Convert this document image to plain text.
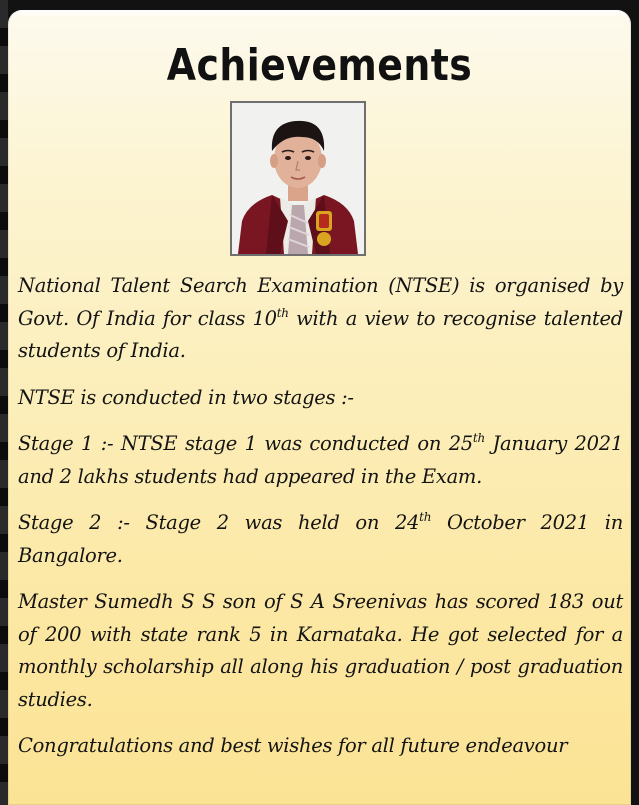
Achievements

National Talent Search Examination (NTSE) is organised by Govt. Of India for class 10th with a view to recognise talented students of India.

NTSE is conducted in two stages :-

Stage 1 :- NTSE stage 1 was conducted on 25th January 2021 and 2 lakhs students had appeared in the Exam.

Stage 2 :- Stage 2 was held on 24th October 2021 in Bangalore.

Master Sumedh S S son of S A Sreenivas has scored 183 out of 200 with state rank 5 in Karnataka. He got selected for a monthly scholarship all along his graduation / post graduation studies.

Congratulations and best wishes for all future endeavour
